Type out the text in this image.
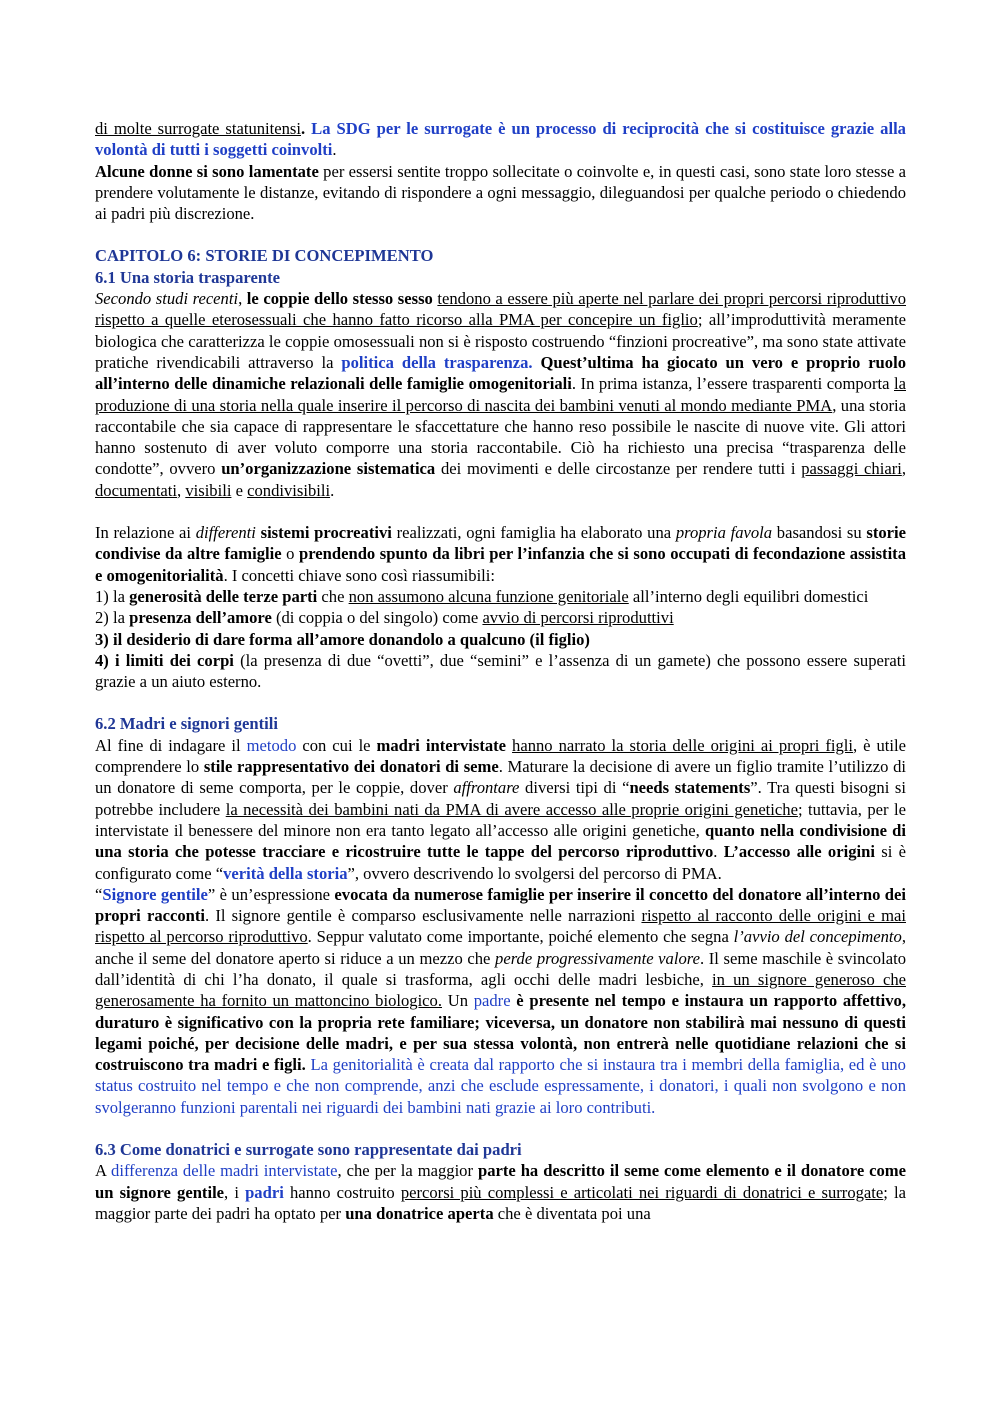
di molte surrogate statunitensi. La SDG per le surrogate è un processo di reciprocità che si costituisce grazie alla volontà di tutti i soggetti coinvolti.
Alcune donne si sono lamentate per essersi sentite troppo sollecitate o coinvolte e, in questi casi, sono state loro stesse a prendere volutamente le distanze, evitando di rispondere a ogni messaggio, dileguandosi per qualche periodo o chiedendo ai padri più discrezione.

CAPITOLO 6: STORIE DI CONCEPIMENTO

6.1 Una storia trasparente

Secondo studi recenti, le coppie dello stesso sesso tendono a essere più aperte nel parlare dei propri percorsi riproduttivo rispetto a quelle eterosessuali che hanno fatto ricorso alla PMA per concepire un figlio; all’improduttività meramente biologica che caratterizza le coppie omosessuali non si è risposto costruendo “finzioni procreative”, ma sono state attivate pratiche rivendicabili attraverso la politica della trasparenza. Quest’ultima ha giocato un vero e proprio ruolo all’interno delle dinamiche relazionali delle famiglie omogenitoriali. In prima istanza, l’essere trasparenti comporta la produzione di una storia nella quale inserire il percorso di nascita dei bambini venuti al mondo mediante PMA, una storia raccontabile che sia capace di rappresentare le sfaccettature che hanno reso possibile le nascite di nuove vite. Gli attori hanno sostenuto di aver voluto comporre una storia raccontabile. Ciò ha richiesto una precisa “trasparenza delle condotte”, ovvero un’organizzazione sistematica dei movimenti e delle circostanze per rendere tutti i passaggi chiari, documentati, visibili e condivisibili.

In relazione ai differenti sistemi procreativi realizzati, ogni famiglia ha elaborato una propria favola basandosi su storie condivise da altre famiglie o prendendo spunto da libri per l’infanzia che si sono occupati di fecondazione assistita e omogenitorialità. I concetti chiave sono così riassumibili:

1) la generosità delle terze parti che non assumono alcuna funzione genitoriale all’interno degli equilibri domestici

2) la presenza dell’amore (di coppia o del singolo) come avvio di percorsi riproduttivi

3) il desiderio di dare forma all’amore donandolo a qualcuno (il figlio)

4) i limiti dei corpi (la presenza di due “ovetti”, due “semini” e l’assenza di un gamete) che possono essere superati grazie a un aiuto esterno.

6.2 Madri e signori gentili

Al fine di indagare il metodo con cui le madri intervistate hanno narrato la storia delle origini ai propri figli, è utile comprendere lo stile rappresentativo dei donatori di seme. Maturare la decisione di avere un figlio tramite l’utilizzo di un donatore di seme comporta, per le coppie, dover affrontare diversi tipi di “needs statements”. Tra questi bisogni si potrebbe includere la necessità dei bambini nati da PMA di avere accesso alle proprie origini genetiche; tuttavia, per le intervistate il benessere del minore non era tanto legato all’accesso alle origini genetiche, quanto nella condivisione di una storia che potesse tracciare e ricostruire tutte le tappe del percorso riproduttivo. L’accesso alle origini si è configurato come “verità della storia”, ovvero descrivendo lo svolgersi del percorso di PMA.

“Signore gentile” è un’espressione evocata da numerose famiglie per inserire il concetto del donatore all’interno dei propri racconti. Il signore gentile è comparso esclusivamente nelle narrazioni rispetto al racconto delle origini e mai rispetto al percorso riproduttivo. Seppur valutato come importante, poiché elemento che segna l’avvio del concepimento, anche il seme del donatore aperto si riduce a un mezzo che perde progressivamente valore. Il seme maschile è svincolato dall’identità di chi l’ha donato, il quale si trasforma, agli occhi delle madri lesbiche, in un signore generoso che generosamente ha fornito un mattoncino biologico. Un padre è presente nel tempo e instaura un rapporto affettivo, duraturo è significativo con la propria rete familiare; viceversa, un donatore non stabilirà mai nessuno di questi legami poiché, per decisione delle madri, e per sua stessa volontà, non entrerà nelle quotidiane relazioni che si costruiscono tra madri e figli. La genitorialità è creata dal rapporto che si instaura tra i membri della famiglia, ed è uno status costruito nel tempo e che non comprende, anzi che esclude espressamente, i donatori, i quali non svolgono e non svolgeranno funzioni parentali nei riguardi dei bambini nati grazie ai loro contributi.

6.3 Come donatrici e surrogate sono rappresentate dai padri

A differenza delle madri intervistate, che per la maggior parte ha descritto il seme come elemento e il donatore come un signore gentile, i padri hanno costruito percorsi più complessi e articolati nei riguardi di donatrici e surrogate; la maggior parte dei padri ha optato per una donatrice aperta che è diventata poi una
